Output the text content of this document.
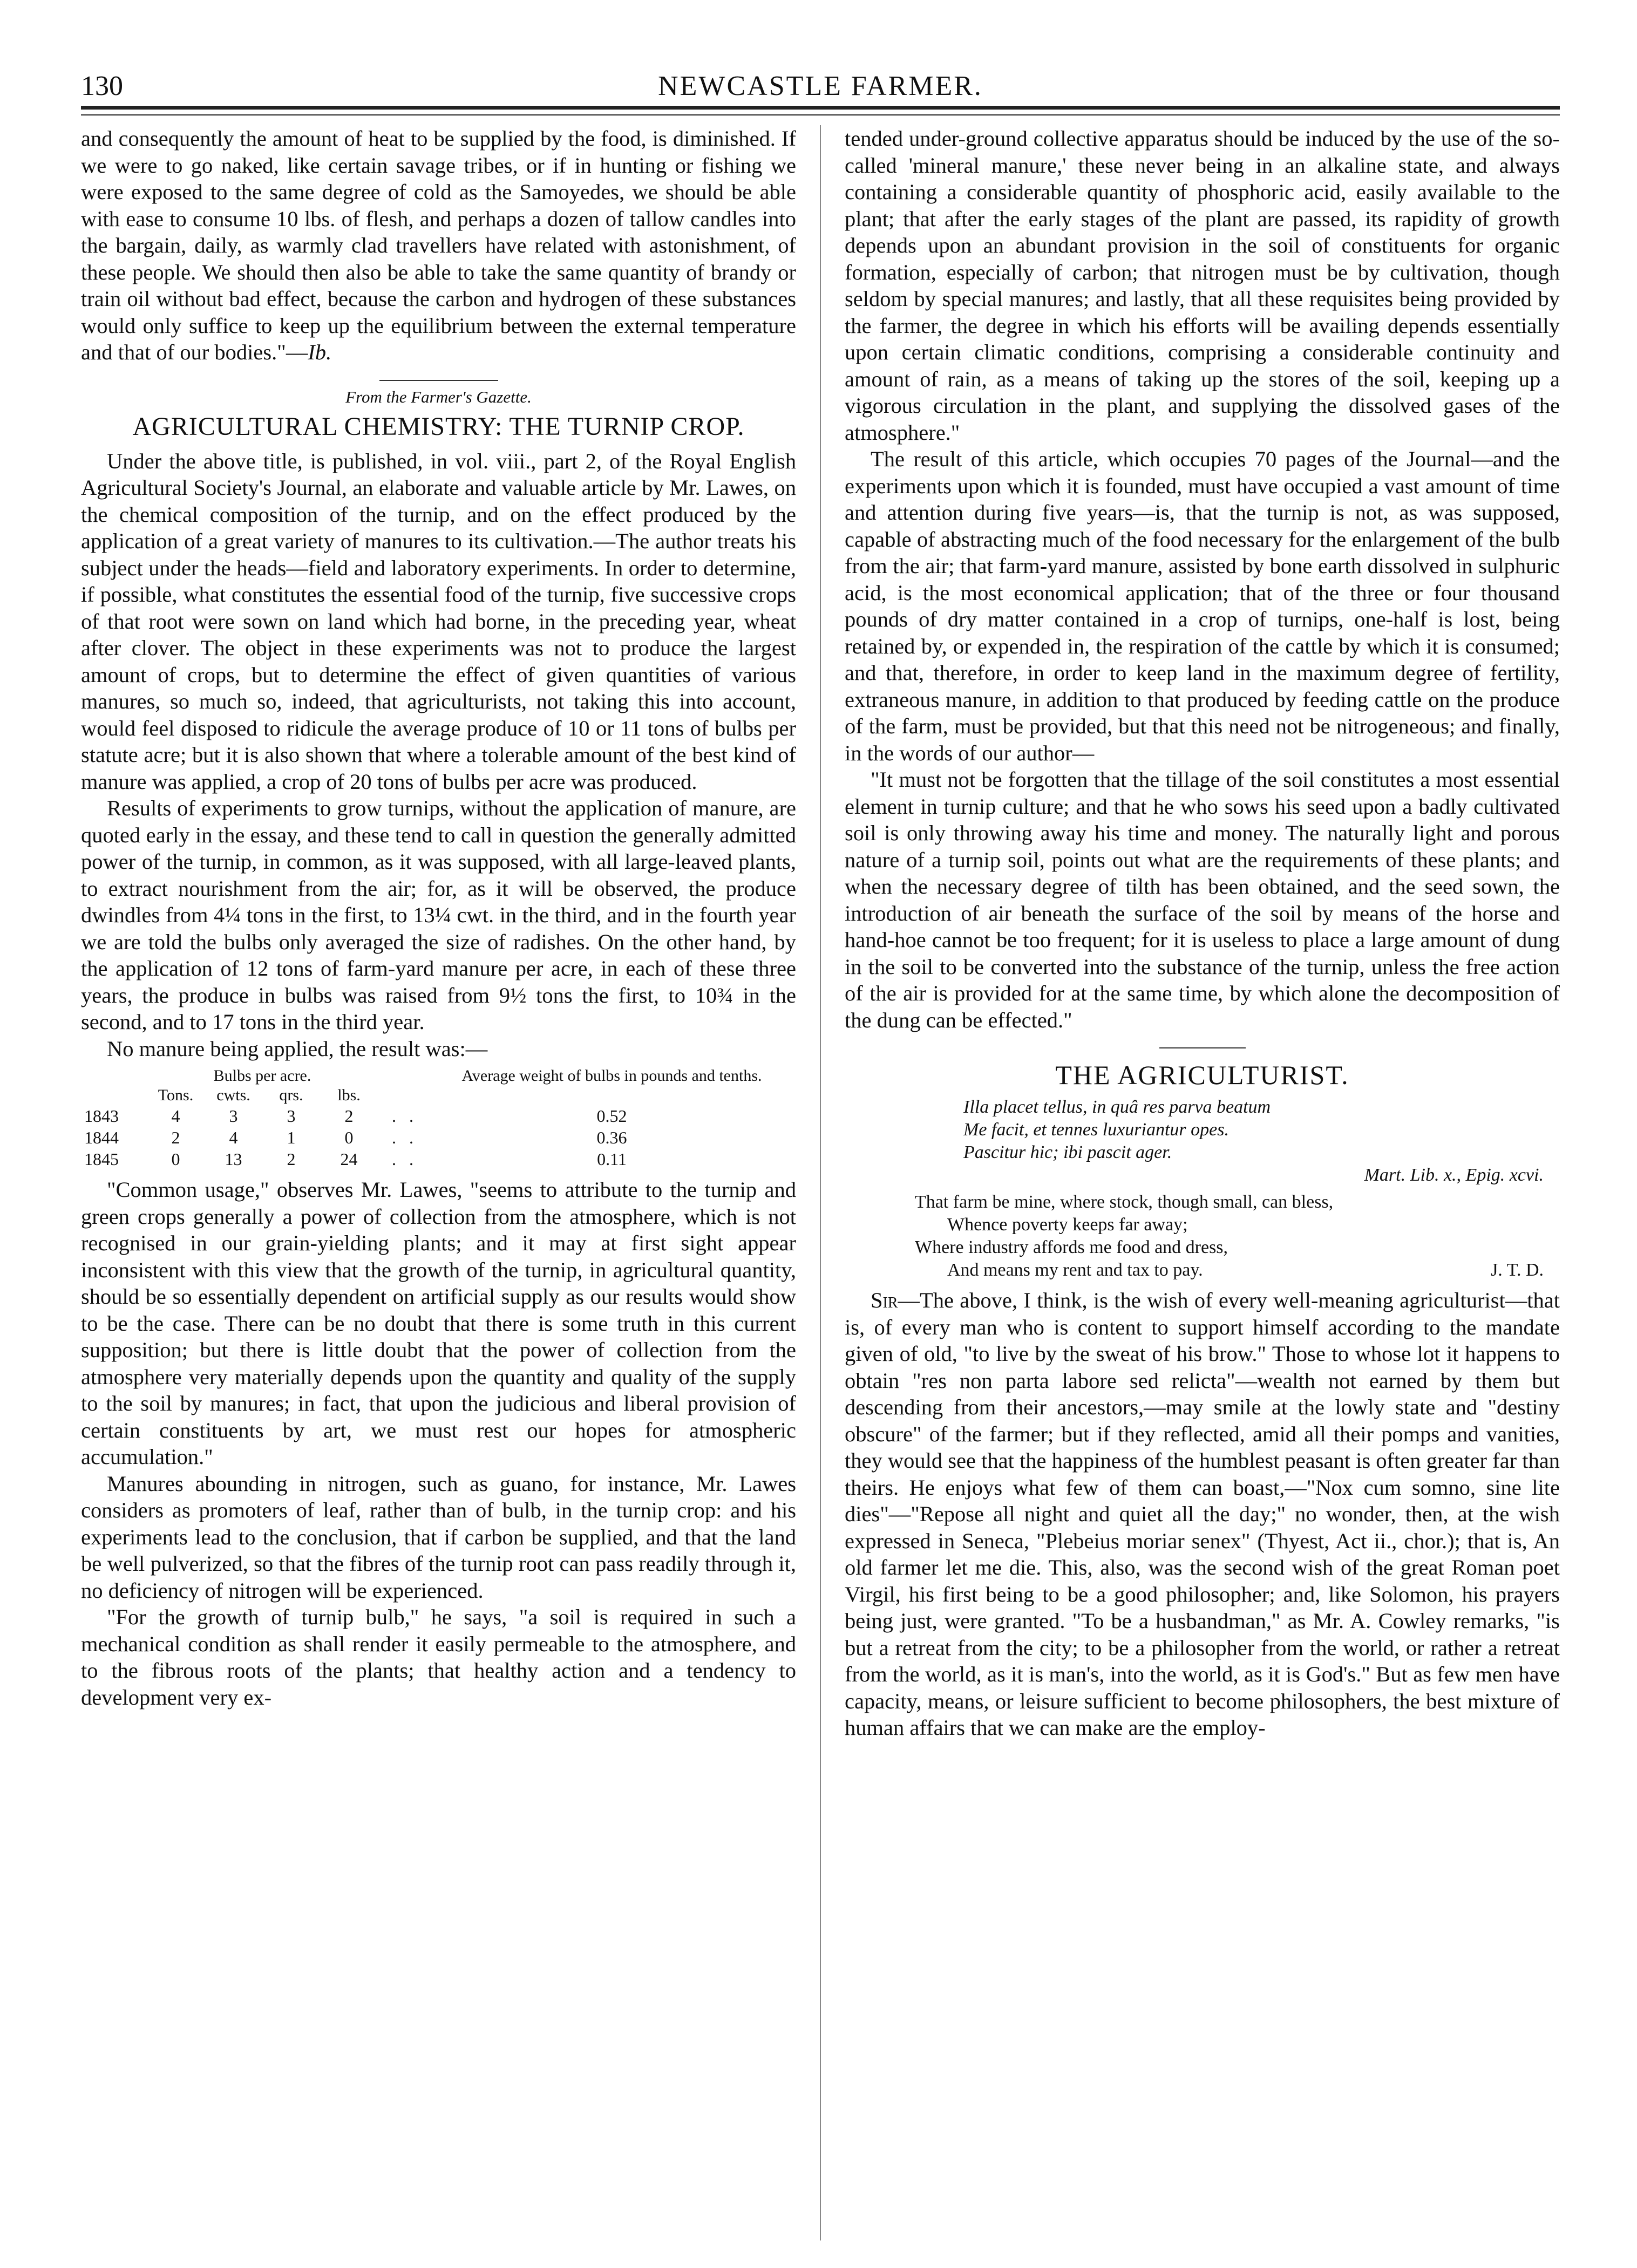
130	NEWCASTLE FARMER.

and consequently the amount of heat to be supplied by the food, is diminished. If we were to go naked, like certain savage tribes, or if in hunting or fishing we were exposed to the same degree of cold as the Samoyedes, we should be able with ease to consume 10 lbs. of flesh, and perhaps a dozen of tallow candles into the bargain, daily, as warmly clad travellers have related with astonishment, of these people. We should then also be able to take the same quantity of brandy or train oil without bad effect, because the carbon and hydrogen of these substances would only suffice to keep up the equilibrium between the external temperature and that of our bodies."—Ib.

From the Farmer's Gazette.
AGRICULTURAL CHEMISTRY: THE TURNIP CROP.

Under the above title, is published, in vol. viii., part 2, of the Royal English Agricultural Society's Journal, an elaborate and valuable article by Mr. Lawes, on the chemical composition of the turnip, and on the effect produced by the application of a great variety of manures to its cultivation.—The author treats his subject under the heads—field and laboratory experiments. In order to determine, if possible, what constitutes the essential food of the turnip, five successive crops of that root were sown on land which had borne, in the preceding year, wheat after clover. The object in these experiments was not to produce the largest amount of crops, but to determine the effect of given quantities of various manures, so much so, indeed, that agriculturists, not taking this into account, would feel disposed to ridicule the average produce of 10 or 11 tons of bulbs per statute acre; but it is also shown that where a tolerable amount of the best kind of manure was applied, a crop of 20 tons of bulbs per acre was produced.

Results of experiments to grow turnips, without the application of manure, are quoted early in the essay, and these tend to call in question the generally admitted power of the turnip, in common, as it was supposed, with all large-leaved plants, to extract nourishment from the air; for, as it will be observed, the produce dwindles from 4¼ tons in the first, to 13¼ cwt. in the third, and in the fourth year we are told the bulbs only averaged the size of radishes. On the other hand, by the application of 12 tons of farm-yard manure per acre, in each of these three years, the produce in bulbs was raised from 9½ tons the first, to 10¾ in the second, and to 17 tons in the third year.

No manure being applied, the result was:—

	Bulbs per acre.					Average weight of bulbs in pounds and tenths.
	Tons.	cwts.	qrs.	lbs.		
1843	4	3	3	2	.   .	0.52
1844	2	4	1	0	.   .	0.36
1845	0	13	2	24	.   .	0.11

"Common usage," observes Mr. Lawes, "seems to attribute to the turnip and green crops generally a power of collection from the atmosphere, which is not recognised in our grain-yielding plants; and it may at first sight appear inconsistent with this view that the growth of the turnip, in agricultural quantity, should be so essentially dependent on artificial supply as our results would show to be the case. There can be no doubt that there is some truth in this current supposition; but there is little doubt that the power of collection from the atmosphere very materially depends upon the quantity and quality of the supply to the soil by manures; in fact, that upon the judicious and liberal provision of certain constituents by art, we must rest our hopes for atmospheric accumulation."

Manures abounding in nitrogen, such as guano, for instance, Mr. Lawes considers as promoters of leaf, rather than of bulb, in the turnip crop: and his experiments lead to the conclusion, that if carbon be supplied, and that the land be well pulverized, so that the fibres of the turnip root can pass readily through it, no deficiency of nitrogen will be experienced.

"For the growth of turnip bulb," he says, "a soil is required in such a mechanical condition as shall render it easily permeable to the atmosphere, and to the fibrous roots of the plants; that healthy action and a tendency to development very ex-

tended under-ground collective apparatus should be induced by the use of the so-called 'mineral manure,' these never being in an alkaline state, and always containing a considerable quantity of phosphoric acid, easily available to the plant; that after the early stages of the plant are passed, its rapidity of growth depends upon an abundant provision in the soil of constituents for organic formation, especially of carbon; that nitrogen must be by cultivation, though seldom by special manures; and lastly, that all these requisites being provided by the farmer, the degree in which his efforts will be availing depends essentially upon certain climatic conditions, comprising a considerable continuity and amount of rain, as a means of taking up the stores of the soil, keeping up a vigorous circulation in the plant, and supplying the dissolved gases of the atmosphere."

The result of this article, which occupies 70 pages of the Journal—and the experiments upon which it is founded, must have occupied a vast amount of time and attention during five years—is, that the turnip is not, as was supposed, capable of abstracting much of the food necessary for the enlargement of the bulb from the air; that farm-yard manure, assisted by bone earth dissolved in sulphuric acid, is the most economical application; that of the three or four thousand pounds of dry matter contained in a crop of turnips, one-half is lost, being retained by, or expended in, the respiration of the cattle by which it is consumed; and that, therefore, in order to keep land in the maximum degree of fertility, extraneous manure, in addition to that produced by feeding cattle on the produce of the farm, must be provided, but that this need not be nitrogeneous; and finally, in the words of our author—

"It must not be forgotten that the tillage of the soil constitutes a most essential element in turnip culture; and that he who sows his seed upon a badly cultivated soil is only throwing away his time and money. The naturally light and porous nature of a turnip soil, points out what are the requirements of these plants; and when the necessary degree of tilth has been obtained, and the seed sown, the introduction of air beneath the surface of the soil by means of the horse and hand-hoe cannot be too frequent; for it is useless to place a large amount of dung in the soil to be converted into the substance of the turnip, unless the free action of the air is provided for at the same time, by which alone the decomposition of the dung can be effected."

THE AGRICULTURIST.
Illa placet tellus, in quâ res parva beatum
Me facit, et tennes luxuriantur opes.
Pascitur hic; ibi pascit ager.
Mart. Lib. x., Epig. xcvi.
That farm be mine, where stock, though small, can bless,
Whence poverty keeps far away;
Where industry affords me food and dress,
And means my rent and tax to pay.	J. T. D.

Sir—The above, I think, is the wish of every well-meaning agriculturist—that is, of every man who is content to support himself according to the mandate given of old, "to live by the sweat of his brow." Those to whose lot it happens to obtain "res non parta labore sed relicta"—wealth not earned by them but descending from their ancestors,—may smile at the lowly state and "destiny obscure" of the farmer; but if they reflected, amid all their pomps and vanities, they would see that the happiness of the humblest peasant is often greater far than theirs. He enjoys what few of them can boast,—"Nox cum somno, sine lite dies"—"Repose all night and quiet all the day;" no wonder, then, at the wish expressed in Seneca, "Plebeius moriar senex" (Thyest, Act ii., chor.); that is, An old farmer let me die. This, also, was the second wish of the great Roman poet Virgil, his first being to be a good philosopher; and, like Solomon, his prayers being just, were granted. "To be a husbandman," as Mr. A. Cowley remarks, "is but a retreat from the city; to be a philosopher from the world, or rather a retreat from the world, as it is man's, into the world, as it is God's." But as few men have capacity, means, or leisure sufficient to become philosophers, the best mixture of human affairs that we can make are the employ-
